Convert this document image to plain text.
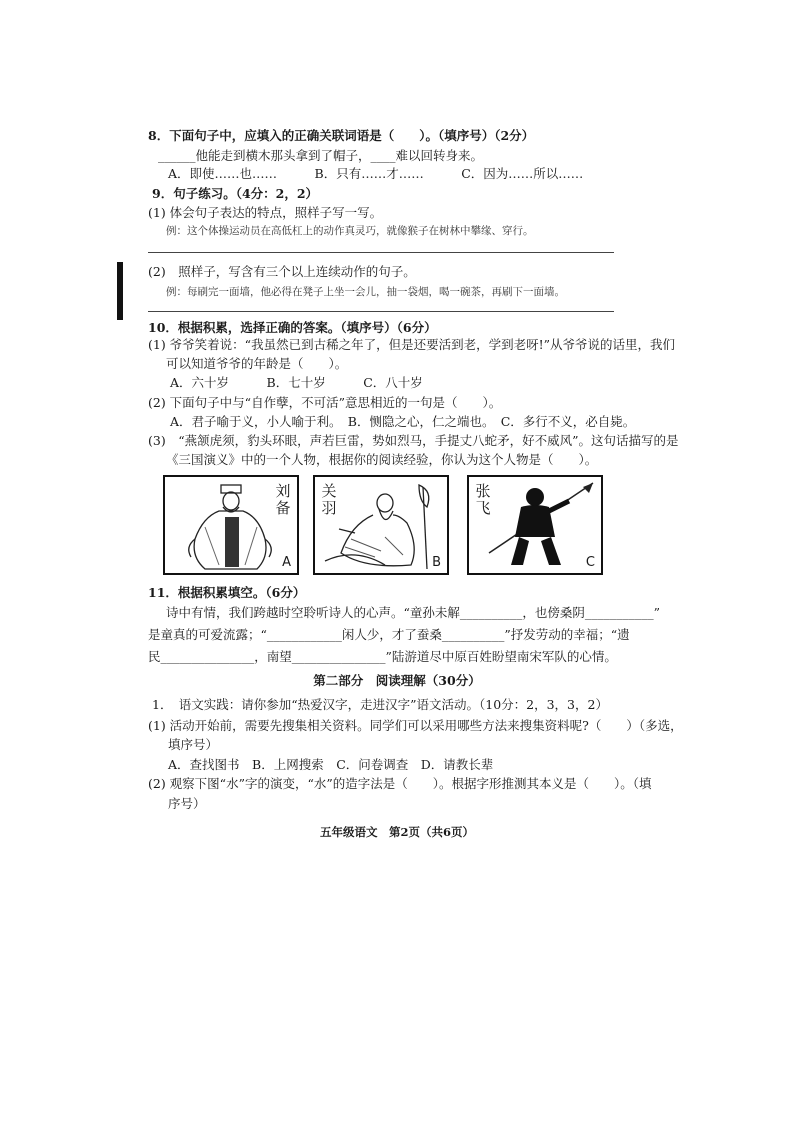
8．下面句子中，应填入的正确关联词语是（　　）。（填序号）（2分）
______他能走到横木那头拿到了帽子，____难以回转身来。
A．即使……也……　　　B．只有……才……　　　C．因为……所以……
9．句子练习。（4分：2，2）
(1) 体会句子表达的特点，照样子写一写。
例：这个体操运动员在高低杠上的动作真灵巧，就像猴子在树林中攀缘、穿行。
(2)　照样子，写含有三个以上连续动作的句子。
例：每刷完一面墙，他必得在凳子上坐一会儿，抽一袋烟，喝一碗茶，再刷下一面墙。
10．根据积累，选择正确的答案。（填序号）（6分）
(1) 爷爷笑着说：“我虽然已到古稀之年了，但是还要活到老，学到老呀!”从爷爷说的话里，我们
可以知道爷爷的年龄是（　　）。
A．六十岁　　　B．七十岁　　　C．八十岁
(2) 下面句子中与“自作孽，不可活”意思相近的一句是（　　）。
A．君子喻于义，小人喻于利。　B．恻隐之心，仁之端也。　C．多行不义，必自毙。
(3)　“燕颔虎须，豹头环眼，声若巨雷，势如烈马，手提丈八蛇矛，好不威风”。这句话描写的是
《三国演义》中的一个人物，根据你的阅读经验，你认为这个人物是（　　）。
刘备
A
关羽
B
张飞
C
11．根据积累填空。（6分）
诗中有情，我们跨越时空聆听诗人的心声。“童孙未解__________，也傍桑阴___________”
是童真的可爱流露；“____________闲人少，才了蚕桑__________”抒发劳动的幸福；“遗
民_______________，南望_______________”陆游道尽中原百姓盼望南宋军队的心情。
第二部分　阅读理解（30分）
1．　语文实践：请你参加“热爱汉字，走进汉字”语文活动。（10分：2，3，3，2）
(1) 活动开始前，需要先搜集相关资料。同学们可以采用哪些方法来搜集资料呢?（　　）（多选，
填序号）
A．查找图书　B．上网搜索　C．问卷调查　D．请教长辈
(2) 观察下图“水”字的演变，“水”的造字法是（　　）。根据字形推测其本义是（　　）。（填
序号）
五年级语文　第2页（共6页）
